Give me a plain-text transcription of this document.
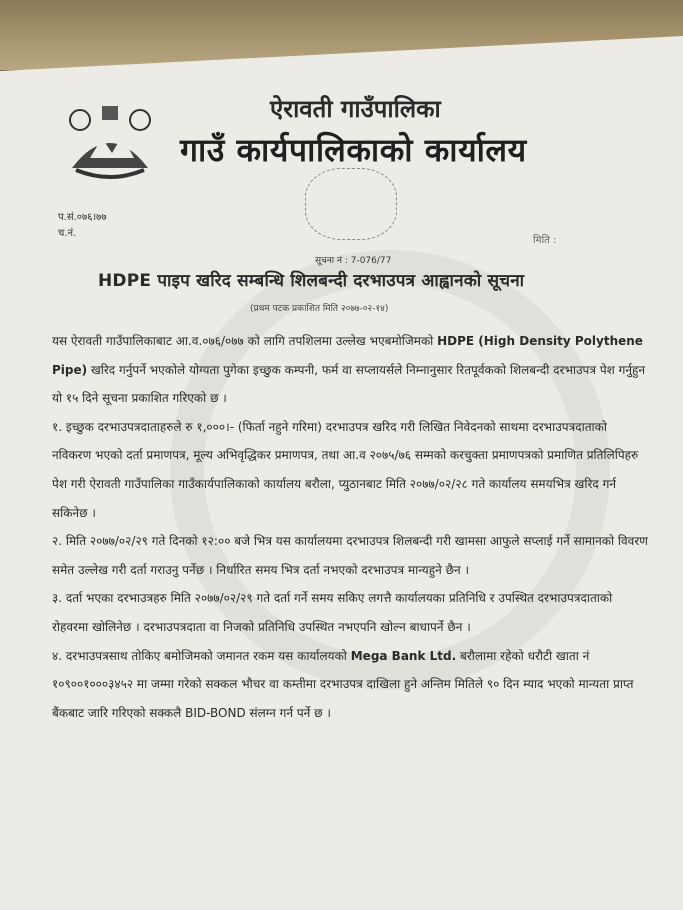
ऐरावती गाउँपालिका
गाउँ कार्यपालिकाको कार्यालय

प.सं.०७६।७७
च.नं.
मिति :
सूचना नं : 7-076/77
HDPE पाइप खरिद सम्बन्धि शिलबन्दी दरभाउपत्र आह्वानको सूचना
(प्रथम पटक प्रकाशित मिति २०७७-०२-१४)

यस ऐरावती गाउँपालिकाबाट आ.व.०७६/०७७ को लागि तपशिलमा उल्लेख भएबमोजिमको HDPE (High Density Polythene Pipe) खरिद गर्नुपर्ने भएकोले योग्यता पुगेका इच्छुक कम्पनी, फर्म वा सप्लायर्सले निम्नानुसार रितपूर्वकको शिलबन्दी दरभाउपत्र पेश गर्नुहुन यो १५ दिने सूचना प्रकाशित गरिएको छ ।

१. इच्छुक दरभाउपत्रदाताहरुले रु १,०००।- (फिर्ता नहुने गरिमा) दरभाउपत्र खरिद गरी लिखित निवेदनको साथमा दरभाउपत्रदाताको नविकरण भएको दर्ता प्रमाणपत्र, मूल्य अभिवृद्धिकर प्रमाणपत्र, तथा आ.व २०७५/७६ सम्मको करचुक्ता प्रमाणपत्रको प्रमाणित प्रतिलिपिहरु पेश गरी ऐरावती गाउँपालिका गाउँकार्यपालिकाको कार्यालय बरौला, प्युठानबाट मिति २०७७/०२/२८ गते कार्यालय समयभित्र खरिद गर्न सकिनेछ ।

२. मिति २०७७/०२/२९ गते दिनको १२:०० बजे भित्र यस कार्यालयमा दरभाउपत्र शिलबन्दी गरी खामसा आफुले सप्लाई गर्ने सामानको विवरण समेत उल्लेख गरी दर्ता गराउनु पर्नेछ । निर्धारित समय भित्र दर्ता नभएको दरभाउपत्र मान्यहुने छैन ।

३. दर्ता भएका दरभाउत्रहरु मिति २०७७/०२/२९ गते दर्ता गर्ने समय सकिए लगत्तै कार्यालयका प्रतिनिधि र उपस्थित दरभाउपत्रदाताको रोहवरमा खोलिनेछ । दरभाउपत्रदाता वा निजको प्रतिनिधि उपस्थित नभएपनि खोल्न बाधापर्ने छैन ।

४. दरभाउपत्रसाथ तोकिए बमोजिमको जमानत रकम यस कार्यालयको Mega Bank Ltd. बरौलामा रहेको धरौटी खाता नं १०९००१०००३४५२ मा जम्मा गरेको सक्कल भौचर वा कम्तीमा दरभाउपत्र दाखिला हुने अन्तिम मितिले ९० दिन म्याद भएको मान्यता प्राप्त बैंकबाट जारि गरिएको सक्कलै BID-BOND संलग्न गर्न पर्ने छ ।
